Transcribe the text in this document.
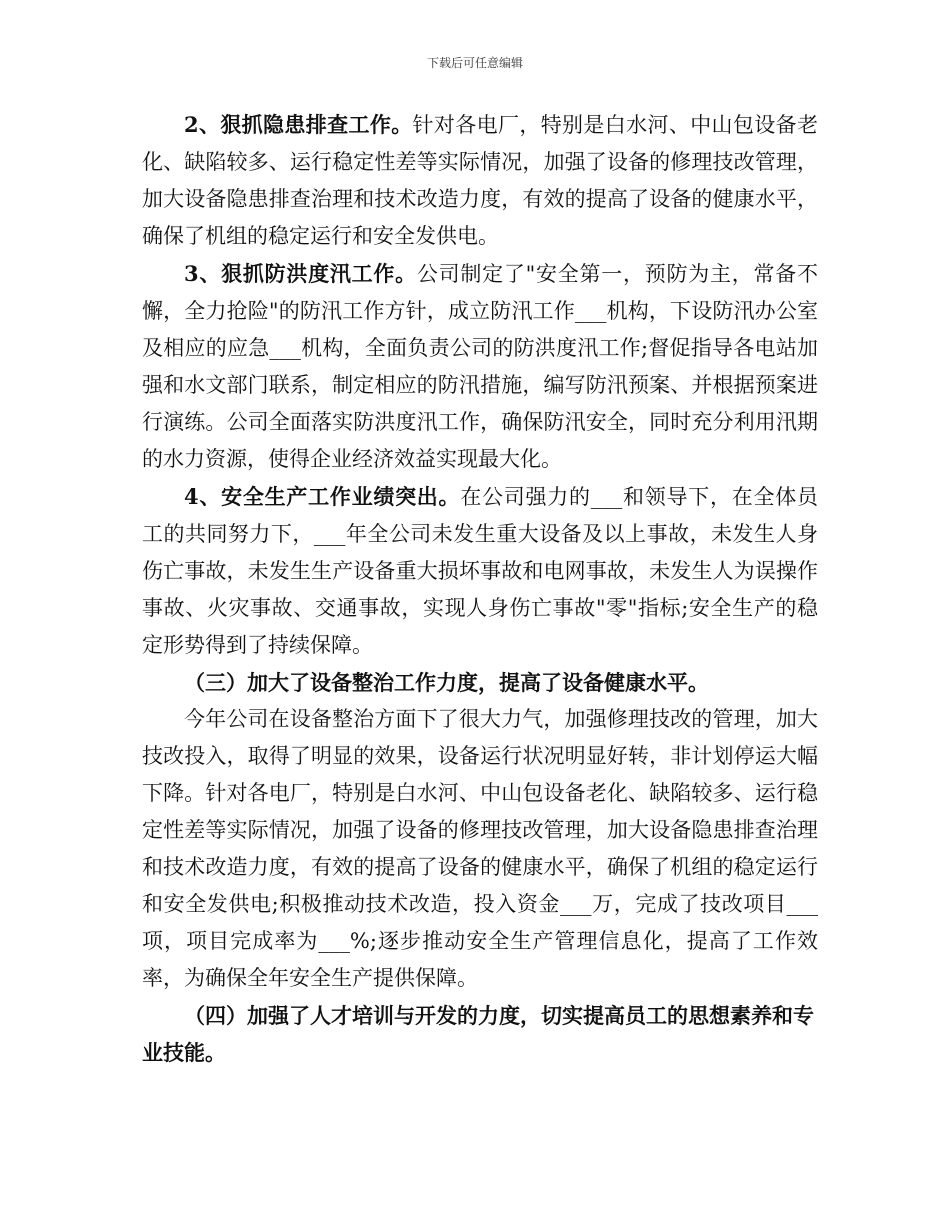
下载后可任意编辑

2、狠抓隐患排查工作。针对各电厂，特别是白水河、中山包设备老化、缺陷较多、运行稳定性差等实际情况，加强了设备的修理技改管理，加大设备隐患排查治理和技术改造力度，有效的提高了设备的健康水平，确保了机组的稳定运行和安全发供电。

3、狠抓防洪度汛工作。公司制定了"安全第一，预防为主，常备不懈，全力抢险"的防汛工作方针，成立防汛工作___机构，下设防汛办公室及相应的应急___机构，全面负责公司的防洪度汛工作;督促指导各电站加强和水文部门联系，制定相应的防汛措施，编写防汛预案、并根据预案进行演练。公司全面落实防洪度汛工作，确保防汛安全，同时充分利用汛期的水力资源，使得企业经济效益实现最大化。

4、安全生产工作业绩突出。在公司强力的___和领导下，在全体员工的共同努力下，___年全公司未发生重大设备及以上事故，未发生人身伤亡事故，未发生生产设备重大损坏事故和电网事故，未发生人为误操作事故、火灾事故、交通事故，实现人身伤亡事故"零"指标;安全生产的稳定形势得到了持续保障。

（三）加大了设备整治工作力度，提高了设备健康水平。

今年公司在设备整治方面下了很大力气，加强修理技改的管理，加大技改投入，取得了明显的效果，设备运行状况明显好转，非计划停运大幅下降。针对各电厂，特别是白水河、中山包设备老化、缺陷较多、运行稳定性差等实际情况，加强了设备的修理技改管理，加大设备隐患排查治理和技术改造力度，有效的提高了设备的健康水平，确保了机组的稳定运行和安全发供电;积极推动技术改造，投入资金___万，完成了技改项目___项，项目完成率为___%;逐步推动安全生产管理信息化，提高了工作效率，为确保全年安全生产提供保障。

（四）加强了人才培训与开发的力度，切实提高员工的思想素养和专业技能。
